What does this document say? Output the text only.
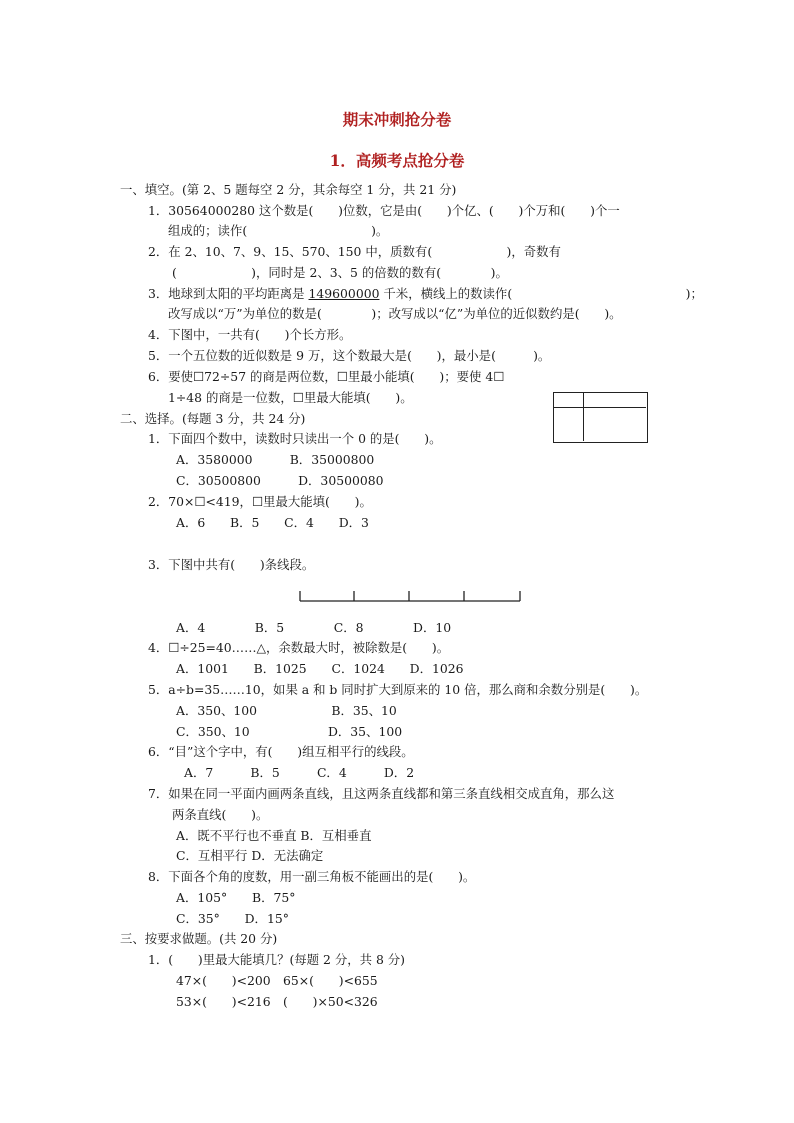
期末冲刺抢分卷
1．高频考点抢分卷
一、填空。(第 2、5 题每空 2 分，其余每空 1 分，共 21 分)
1．30564000280 这个数是(　　)位数，它是由(　　)个亿、(　　)个万和(　　)个一
组成的；读作(　　　　　　　　　　)。
2．在 2、10、7、9、15、570、150 中，质数有(　　　　　　)，奇数有
(　　　　　　)，同时是 2、3、5 的倍数的数有(　　　　)。
3．地球到太阳的平均距离是 149600000 千米，横线上的数读作(　　　　　　　　　　　　　　)；
改写成以“万”为单位的数是(　　　　)；改写成以“亿”为单位的近似数约是(　　)。
4．下图中，一共有(　　)个长方形。
5．一个五位数的近似数是 9 万，这个数最大是(　　)，最小是(　　　)。
6．要使☐72÷57 的商是两位数，☐里最小能填(　　)；要使 4☐
1÷48 的商是一位数，☐里最大能填(　　)。
二、选择。(每题 3 分，共 24 分)
1．下面四个数中，读数时只读出一个 0 的是(　　)。
A．3580000　　　B．35000800
C．30500800　　　D．30500080
2．70×☐<419，☐里最大能填(　　)。
A．6　　B．5　　C．4　　D．3
3．下图中共有(　　)条线段。
A．4　　　　B．5　　　　C．8　　　　D．10
4．☐÷25=40……△，余数最大时，被除数是(　　)。
A．1001　　B．1025　　C．1024　　D．1026
5．a÷b=35……10，如果 a 和 b 同时扩大到原来的 10 倍，那么商和余数分别是(　　)。
A．350、100　　　　　　B．35、10
C．350、10　　　　　　 D．35、100
6．“目”这个字中，有(　　)组互相平行的线段。
A．7　　　B．5　　　C．4　　　D．2
7．如果在同一平面内画两条直线，且这两条直线都和第三条直线相交成直角，那么这
两条直线(　　)。
A．既不平行也不垂直 B．互相垂直
C．互相平行 D．无法确定
8．下面各个角的度数，用一副三角板不能画出的是(　　)。
A．105°　　B．75°
C．35°　　D．15°
三、按要求做题。(共 20 分)
1．(　　)里最大能填几？(每题 2 分，共 8 分)
47×(　　)<200　65×(　　)<655
53×(　　)<216　(　　)×50<326
